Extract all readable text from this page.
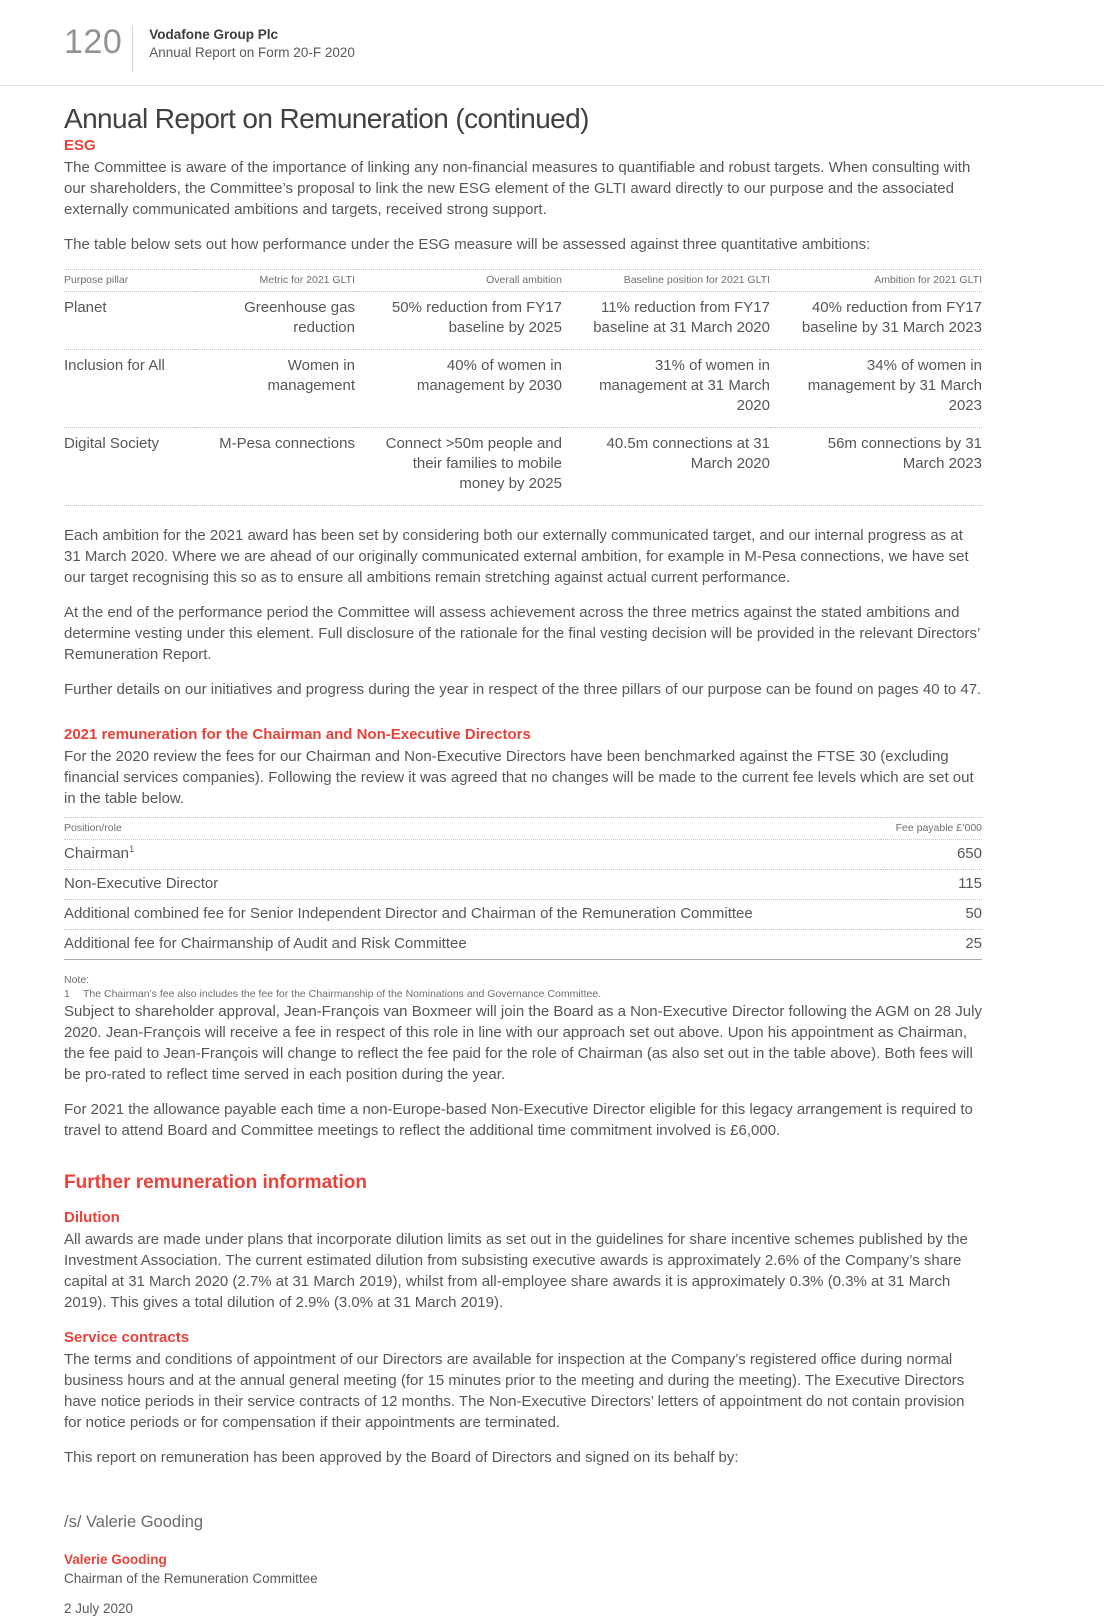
120 Vodafone Group Plc
Annual Report on Form 20-F 2020
Annual Report on Remuneration (continued)
ESG

The Committee is aware of the importance of linking any non-financial measures to quantifiable and robust targets. When consulting with our shareholders, the Committee’s proposal to link the new ESG element of the GLTI award directly to our purpose and the associated externally communicated ambitions and targets, received strong support.

The table below sets out how performance under the ESG measure will be assessed against three quantitative ambitions:

Purpose pillar	Metric for 2021 GLTI	Overall ambition	Baseline position for 2021 GLTI	Ambition for 2021 GLTI
Planet	Greenhouse gas reduction	50% reduction from FY17 baseline by 2025	11% reduction from FY17 baseline at 31 March 2020	40% reduction from FY17 baseline by 31 March 2023
Inclusion for All	Women in management	40% of women in management by 2030	31% of women in management at 31 March 2020	34% of women in management by 31 March 2023
Digital Society	M-Pesa connections	Connect >50m people and their families to mobile money by 2025	40.5m connections at 31 March 2020	56m connections by 31 March 2023

Each ambition for the 2021 award has been set by considering both our externally communicated target, and our internal progress as at 31 March 2020. Where we are ahead of our originally communicated external ambition, for example in M-Pesa connections, we have set our target recognising this so as to ensure all ambitions remain stretching against actual current performance.

At the end of the performance period the Committee will assess achievement across the three metrics against the stated ambitions and determine vesting under this element. Full disclosure of the rationale for the final vesting decision will be provided in the relevant Directors’ Remuneration Report.

Further details on our initiatives and progress during the year in respect of the three pillars of our purpose can be found on pages 40 to 47.

2021 remuneration for the Chairman and Non-Executive Directors

For the 2020 review the fees for our Chairman and Non-Executive Directors have been benchmarked against the FTSE 30 (excluding financial services companies). Following the review it was agreed that no changes will be made to the current fee levels which are set out in the table below.

Position/role	Fee payable £’000
Chairman$^1$	650
Non-Executive Director	115
Additional combined fee for Senior Independent Director and Chairman of the Remuneration Committee	50
Additional fee for Chairmanship of Audit and Risk Committee	25
Note:
1	The Chairman’s fee also includes the fee for the Chairmanship of the Nominations and Governance Committee.

Subject to shareholder approval, Jean-François van Boxmeer will join the Board as a Non-Executive Director following the AGM on 28 July 2020. Jean-François will receive a fee in respect of this role in line with our approach set out above. Upon his appointment as Chairman, the fee paid to Jean-François will change to reflect the fee paid for the role of Chairman (as also set out in the table above). Both fees will be pro-rated to reflect time served in each position during the year.

For 2021 the allowance payable each time a non-Europe-based Non-Executive Director eligible for this legacy arrangement is required to travel to attend Board and Committee meetings to reflect the additional time commitment involved is £6,000.

Further remuneration information
Dilution

All awards are made under plans that incorporate dilution limits as set out in the guidelines for share incentive schemes published by the Investment Association. The current estimated dilution from subsisting executive awards is approximately 2.6% of the Company’s share capital at 31 March 2020 (2.7% at 31 March 2019), whilst from all-employee share awards it is approximately 0.3% (0.3% at 31 March 2019). This gives a total dilution of 2.9% (3.0% at 31 March 2019).

Service contracts

The terms and conditions of appointment of our Directors are available for inspection at the Company’s registered office during normal business hours and at the annual general meeting (for 15 minutes prior to the meeting and during the meeting). The Executive Directors have notice periods in their service contracts of 12 months. The Non-Executive Directors’ letters of appointment do not contain provision for notice periods or for compensation if their appointments are terminated.

This report on remuneration has been approved by the Board of Directors and signed on its behalf by:

/s/ Valerie Gooding
Valerie Gooding
Chairman of the Remuneration Committee
2 July 2020
